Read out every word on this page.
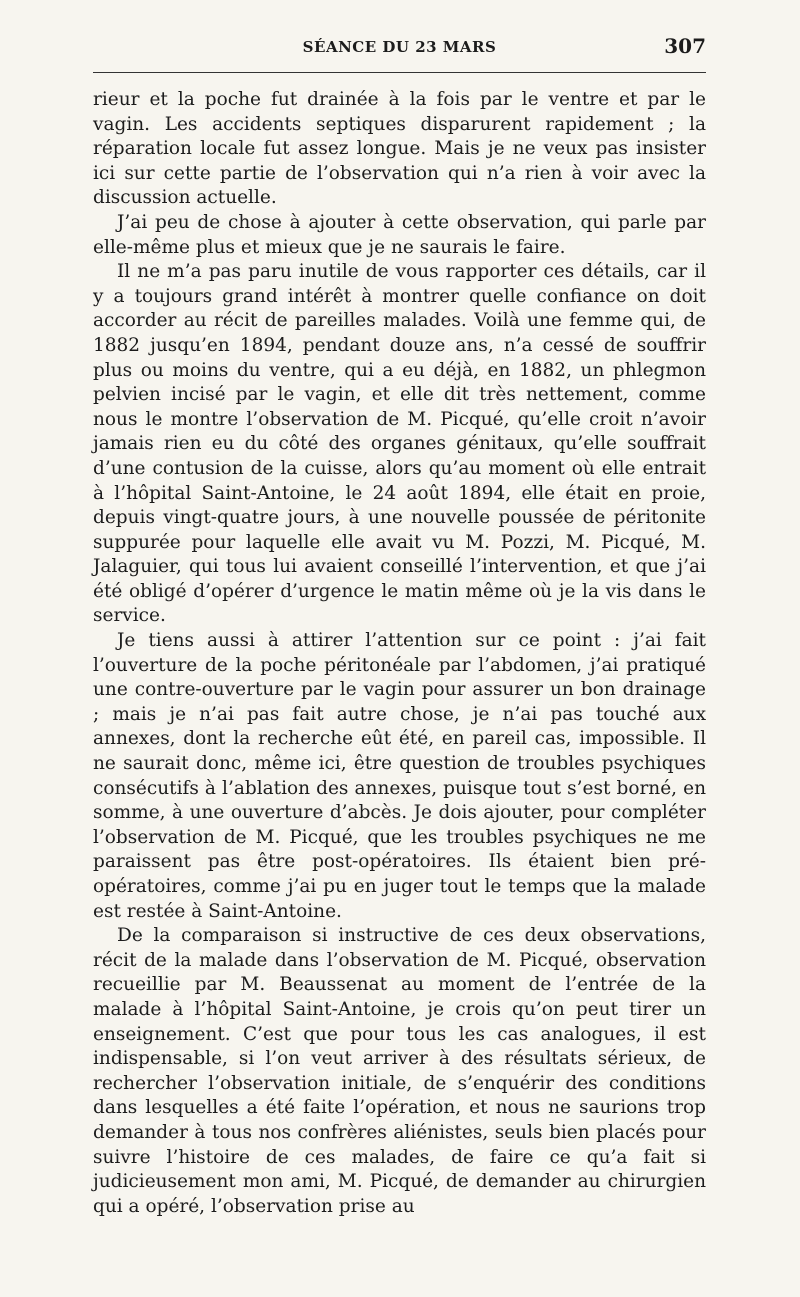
SÉANCE DU 23 MARS	307

rieur et la poche fut drainée à la fois par le ventre et par le vagin. Les accidents septiques disparurent rapidement ; la réparation locale fut assez longue. Mais je ne veux pas insister ici sur cette partie de l’observation qui n’a rien à voir avec la discussion actuelle.

J’ai peu de chose à ajouter à cette observation, qui parle par elle-même plus et mieux que je ne saurais le faire.

Il ne m’a pas paru inutile de vous rapporter ces détails, car il y a toujours grand intérêt à montrer quelle confiance on doit accorder au récit de pareilles malades. Voilà une femme qui, de 1882 jusqu’en 1894, pendant douze ans, n’a cessé de souffrir plus ou moins du ventre, qui a eu déjà, en 1882, un phlegmon pelvien incisé par le vagin, et elle dit très nettement, comme nous le montre l’observation de M. Picqué, qu’elle croit n’avoir jamais rien eu du côté des organes génitaux, qu’elle souffrait d’une contusion de la cuisse, alors qu’au moment où elle entrait à l’hôpital Saint-Antoine, le 24 août 1894, elle était en proie, depuis vingt-quatre jours, à une nouvelle poussée de péritonite suppurée pour laquelle elle avait vu M. Pozzi, M. Picqué, M. Jalaguier, qui tous lui avaient conseillé l’intervention, et que j’ai été obligé d’opérer d’urgence le matin même où je la vis dans le service.

Je tiens aussi à attirer l’attention sur ce point : j’ai fait l’ouverture de la poche péritonéale par l’abdomen, j’ai pratiqué une contre-ouverture par le vagin pour assurer un bon drainage ; mais je n’ai pas fait autre chose, je n’ai pas touché aux annexes, dont la recherche eût été, en pareil cas, impossible. Il ne saurait donc, même ici, être question de troubles psychiques consécutifs à l’ablation des annexes, puisque tout s’est borné, en somme, à une ouverture d’abcès. Je dois ajouter, pour compléter l’observation de M. Picqué, que les troubles psychiques ne me paraissent pas être post-opératoires. Ils étaient bien pré-opératoires, comme j’ai pu en juger tout le temps que la malade est restée à Saint-Antoine.

De la comparaison si instructive de ces deux observations, récit de la malade dans l’observation de M. Picqué, observation recueillie par M. Beaussenat au moment de l’entrée de la malade à l’hôpital Saint-Antoine, je crois qu’on peut tirer un enseignement. C’est que pour tous les cas analogues, il est indispensable, si l’on veut arriver à des résultats sérieux, de rechercher l’observation initiale, de s’enquérir des conditions dans lesquelles a été faite l’opération, et nous ne saurions trop demander à tous nos confrères aliénistes, seuls bien placés pour suivre l’histoire de ces malades, de faire ce qu’a fait si judicieusement mon ami, M. Picqué, de demander au chirurgien qui a opéré, l’observation prise au
